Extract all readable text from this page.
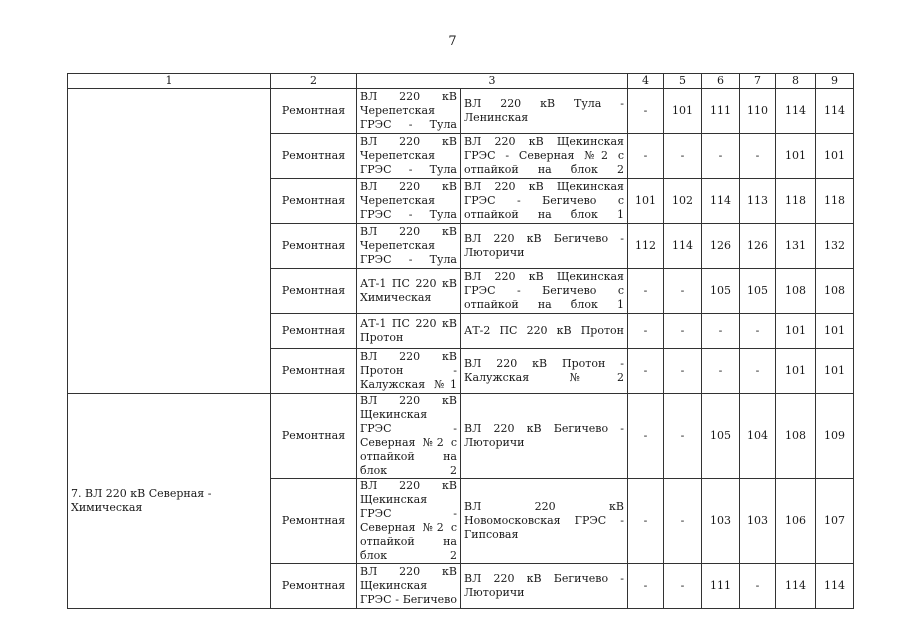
7
1	2	3		4	5	6	7	8	9

	Ремонтная	ВЛ 220 кВ Черепетская ГРЭС - Тула	ВЛ 220 кВ Тула - Ленинская	-	101	111	110	114	114
	Ремонтная	ВЛ 220 кВ Черепетская ГРЭС - Тула	ВЛ 220 кВ Щекинская ГРЭС - Северная №2 с отпайкой на блок 2	-	-	-	-	101	101
	Ремонтная	ВЛ 220 кВ Черепетская ГРЭС - Тула	ВЛ 220 кВ Щекинская ГРЭС - Бегичево с отпайкой на блок 1	101	102	114	113	118	118
	Ремонтная	ВЛ 220 кВ Черепетская ГРЭС - Тула	ВЛ 220 кВ Бегичево - Лютоpичи	112	114	126	126	131	132
	Ремонтная	АТ-1 ПС 220 кВ Химическая	ВЛ 220 кВ Щекинская ГРЭС - Бегичево с отпайкой на блок 1	-	-	105	105	108	108
	Ремонтная	АТ-1 ПС 220 кВ Протон	АТ-2 ПС 220 кВ Протон	-	-	-	-	101	101
	Ремонтная	ВЛ 220 кВ Протон - Калужская №1	ВЛ 220 кВ Протон - Калужская №2	-	-	-	-	101	101

7. ВЛ 220 кВ Северная - Химическая	Ремонтная	ВЛ 220 кВ Щекинская ГРЭС - Северная №2 с отпайкой на блок 2	ВЛ 220 кВ Бегичево - Лютоpичи	-	-	105	104	108	109
	Ремонтная	ВЛ 220 кВ Щекинская ГРЭС - Северная №2 с отпайкой на блок 2	ВЛ 220 кВ Новомосковская ГРЭС - Гипсовая	-	-	103	103	106	107
	Ремонтная	ВЛ 220 кВ Щекинская ГРЭС - Бегичево	ВЛ 220 кВ Бегичево - Лютоpичи	-	-	111	-	114	114
